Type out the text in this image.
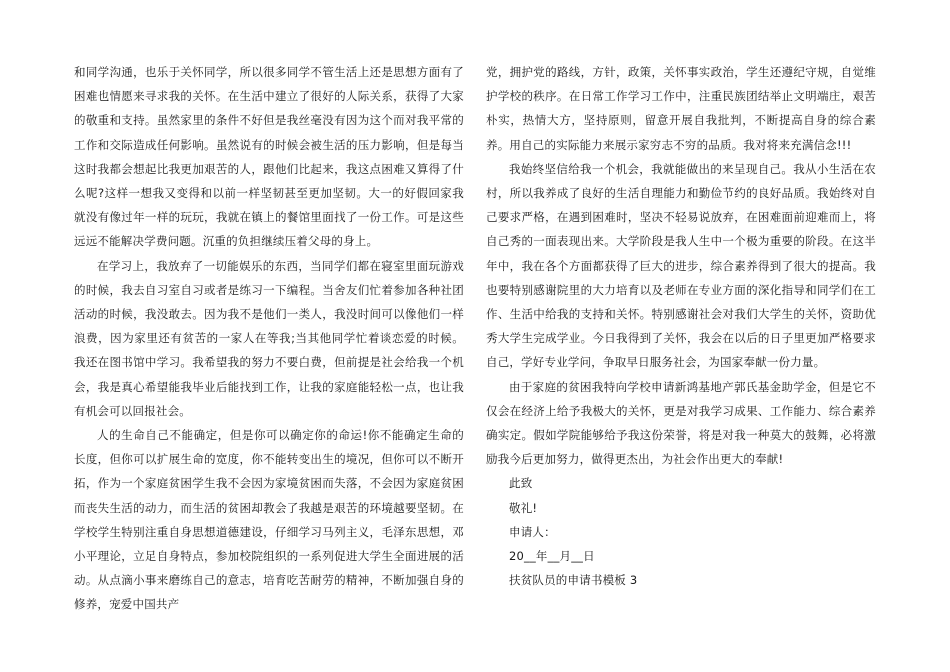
和同学沟通，也乐于关怀同学，所以很多同学不管生活上还是思想方面有了困难也情愿来寻求我的关怀。在生活中建立了很好的人际关系，获得了大家的敬重和支持。虽然家里的条件不好但是我丝毫没有因为这个而对我平常的工作和交际造成任何影响。虽然说有的时候会被生活的压力影响，但是每当这时我都会想起比我更加艰苦的人，跟他们比起来，我这点困难又算得了什么呢?这样一想我又变得和以前一样坚韧甚至更加坚韧。大一的好假回家我就没有像过年一样的玩玩，我就在镇上的餐馆里面找了一份工作。可是这些远远不能解决学费问题。沉重的负担继续压着父母的身上。

在学习上，我放弃了一切能娱乐的东西，当同学们都在寝室里面玩游戏的时候，我去自习室自习或者是练习一下编程。当舍友们忙着参加各种社团活动的时候，我没敢去。因为我不是他们一类人，我没时间可以像他们一样浪费，因为家里还有贫苦的一家人在等我;当其他同学忙着谈恋爱的时候。我还在图书馆中学习。我希望我的努力不要白费，但前提是社会给我一个机会，我是真心希望能我毕业后能找到工作，让我的家庭能轻松一点，也让我有机会可以回报社会。

人的生命自己不能确定，但是你可以确定你的命运!你不能确定生命的长度，但你可以扩展生命的宽度，你不能转变出生的境况，但你可以不断开拓，作为一个家庭贫困学生我不会因为家境贫困而失落，不会因为家庭贫困而丧失生活的动力，而生活的贫困却教会了我越是艰苦的环境越要坚韧。在学校学生特别注重自身思想道德建设，仔细学习马列主义，毛泽东思想，邓小平理论，立足自身特点，参加校院组织的一系列促进大学生全面进展的活动。从点滴小事来磨练自己的意志，培育吃苦耐劳的精神，不断加强自身的修养，宠爱中国共产

党，拥护党的路线，方针，政策，关怀事实政治，学生还遵纪守规，自觉维护学校的秩序。在日常工作学习工作中，注重民族团结举止文明端庄，艰苦朴实，热情大方，坚持原则，留意开展自我批判，不断提高自身的综合素养。用自己的实际能力来展示家穷志不穷的品质。我对将来充满信念!!!

我始终坚信给我一个机会，我就能做出的来呈现自己。我从小生活在农村，所以我养成了良好的生活自理能力和勤俭节约的良好品质。我始终对自己要求严格，在遇到困难时，坚决不轻易说放弃，在困难面前迎难而上，将自己秀的一面表现出来。大学阶段是我人生中一个极为重要的阶段。在这半年中，我在各个方面都获得了巨大的进步，综合素养得到了很大的提高。我也要特别感谢院里的大力培育以及老师在专业方面的深化指导和同学们在工作、生活中给我的支持和关怀。特别感谢社会对我们大学生的关怀，资助优秀大学生完成学业。今日我得到了关怀，我会在以后的日子里更加严格要求自己，学好专业学问，争取早日服务社会，为国家奉献一份力量。

由于家庭的贫困我特向学校申请新鸿基地产郭氏基金助学金，但是它不仅会在经济上给予我极大的关怀，更是对我学习成果、工作能力、综合素养确实定。假如学院能够给予我这份荣誉，将是对我一种莫大的鼓舞，必将激励我今后更加努力，做得更杰出，为社会作出更大的奉献!

此致

敬礼!

申请人：

20__年__月__日

扶贫队员的申请书模板 3
